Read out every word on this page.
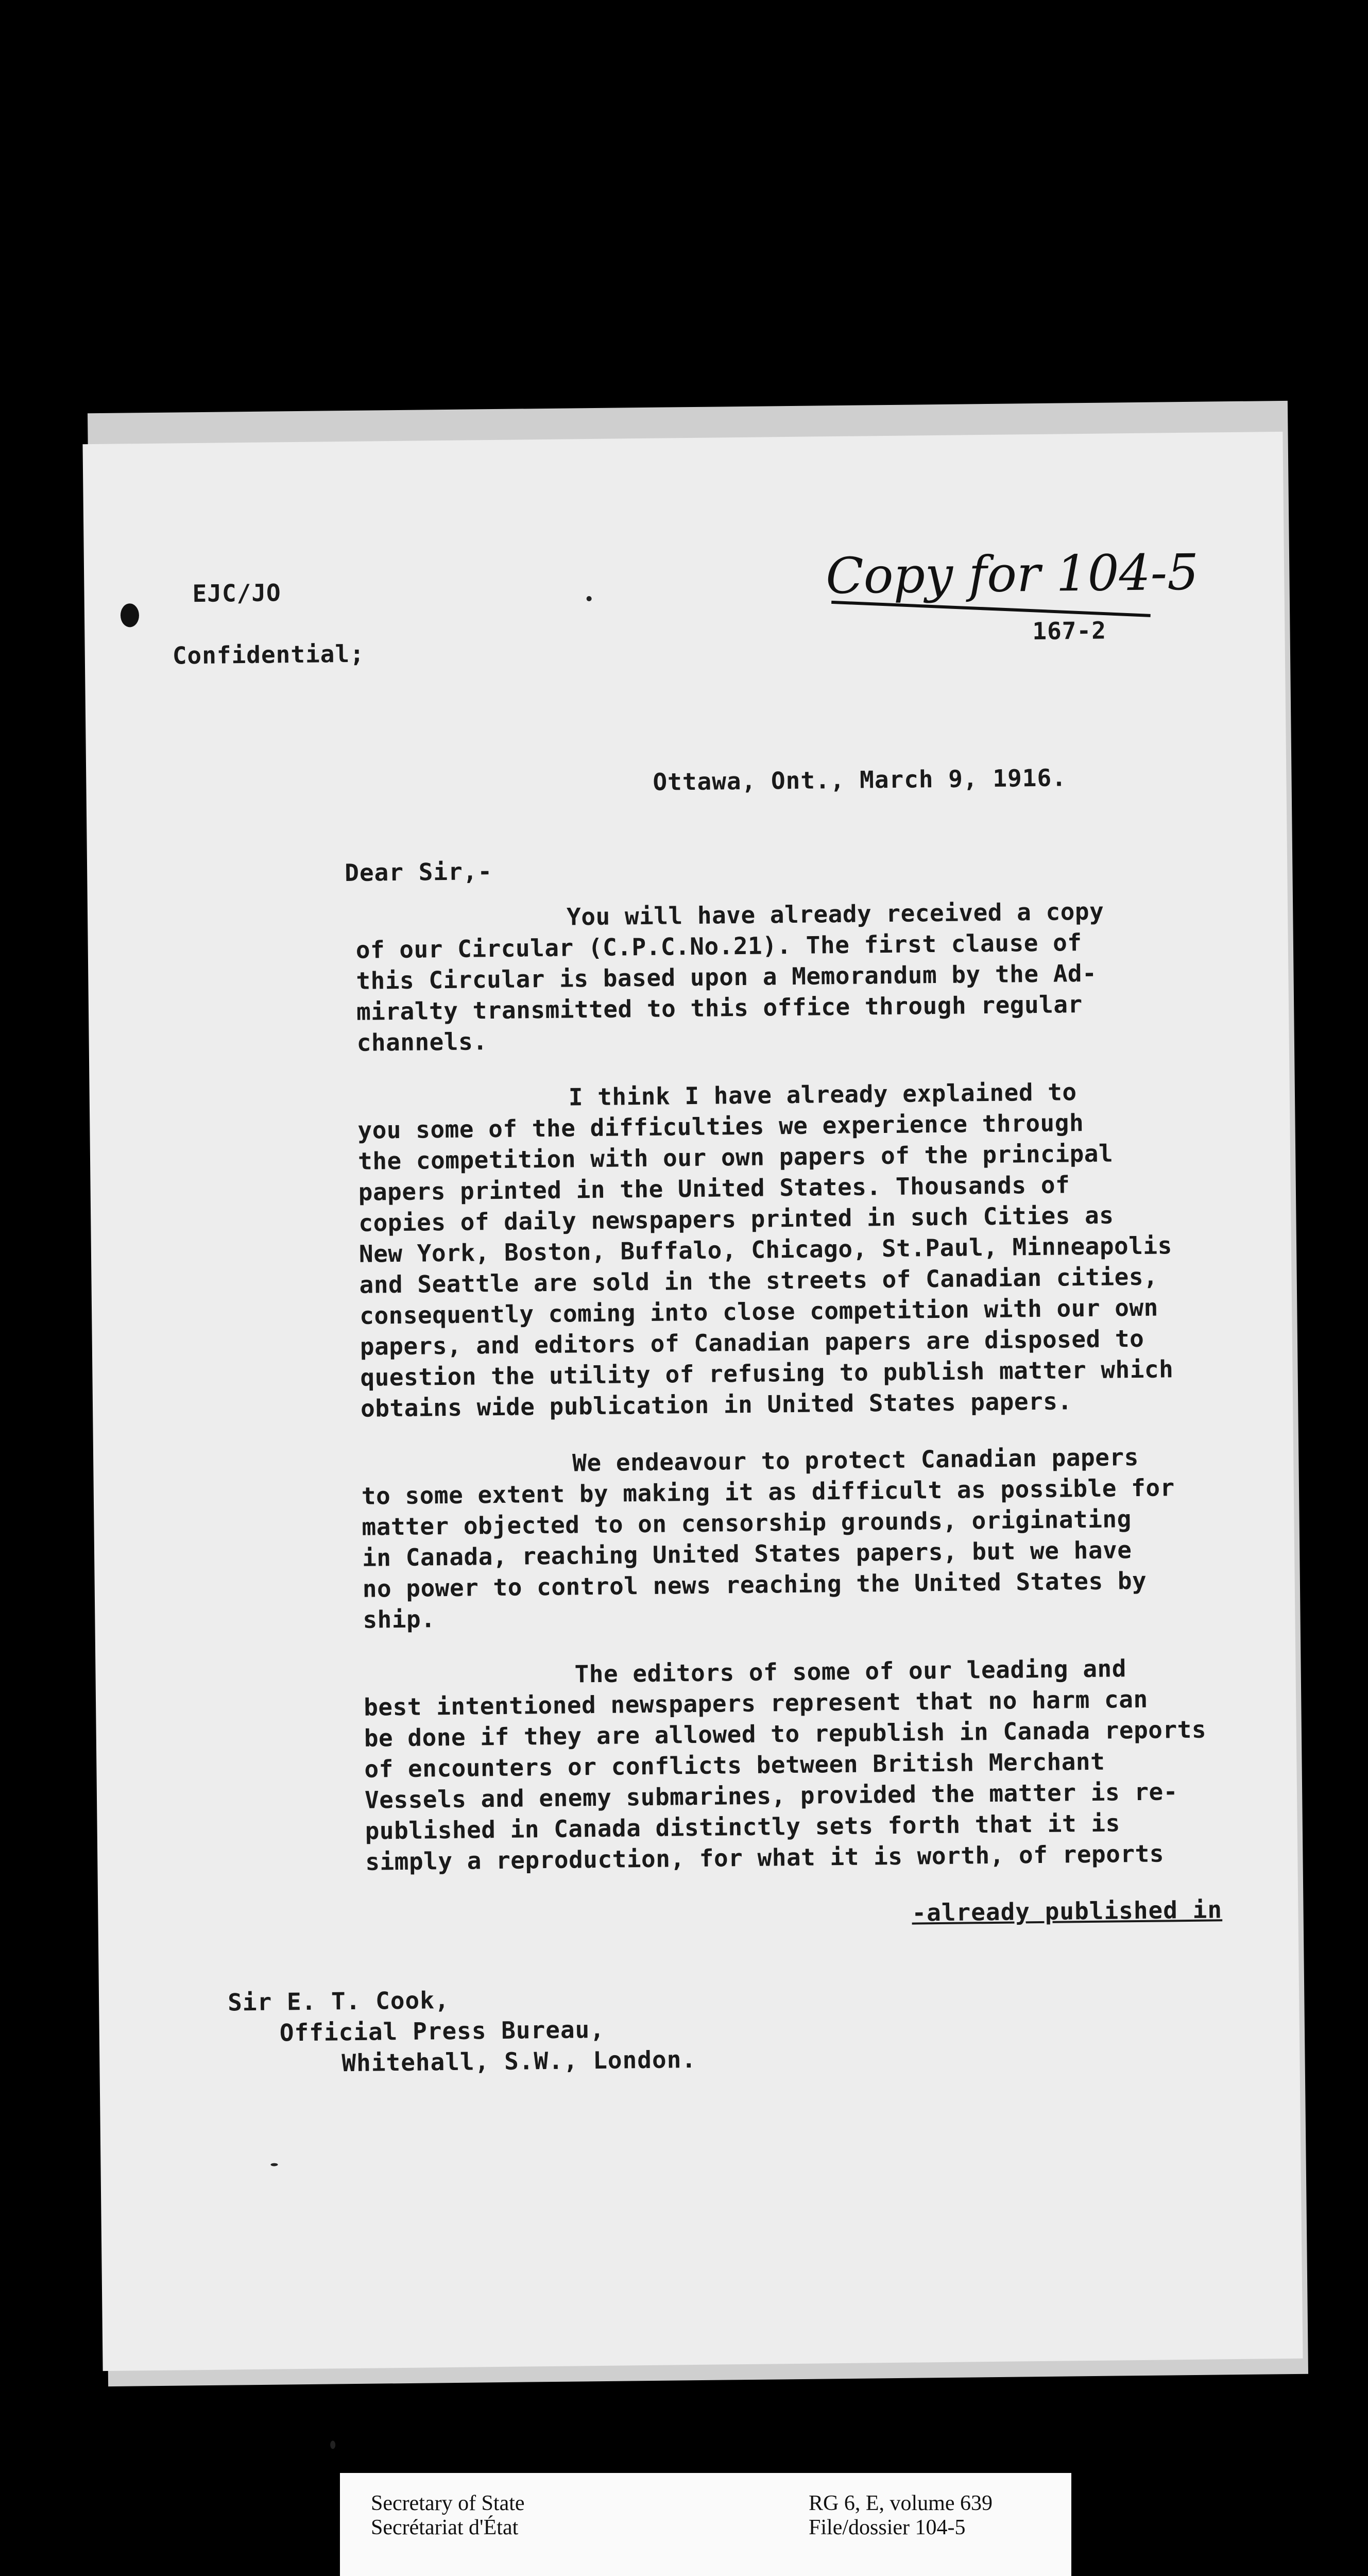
EJC/JO
Confidential;
Copy for 104-5
167-2
Ottawa, Ont., March 9, 1916.
Dear Sir,-
You will have already received a copy
of our Circular (C.P.C.No.21). The first clause of
this Circular is based upon a Memorandum by the Ad-
miralty transmitted to this office through regular
channels.
I think I have already explained to
you some of the difficulties we experience through
the competition with our own papers of the principal
papers printed in the United States. Thousands of
copies of daily newspapers printed in such Cities as
New York, Boston, Buffalo, Chicago, St.Paul, Minneapolis
and Seattle are sold in the streets of Canadian cities,
consequently coming into close competition with our own
papers, and editors of Canadian papers are disposed to
question the utility of refusing to publish matter which
obtains wide publication in United States papers.
We endeavour to protect Canadian papers
to some extent by making it as difficult as possible for
matter objected to on censorship grounds, originating
in Canada, reaching United States papers, but we have
no power to control news reaching the United States by
ship.
The editors of some of our leading and
best intentioned newspapers represent that no harm can
be done if they are allowed to republish in Canada reports
of encounters or conflicts between British Merchant
Vessels and enemy submarines, provided the matter is re-
published in Canada distinctly sets forth that it is
simply a reproduction, for what it is worth, of reports
-already published in
Sir E. T. Cook,
Official Press Bureau,
Whitehall, S.W., London.
Secretary of State
Secrétariat d'État
RG 6, E, volume 639
File/dossier 104-5
